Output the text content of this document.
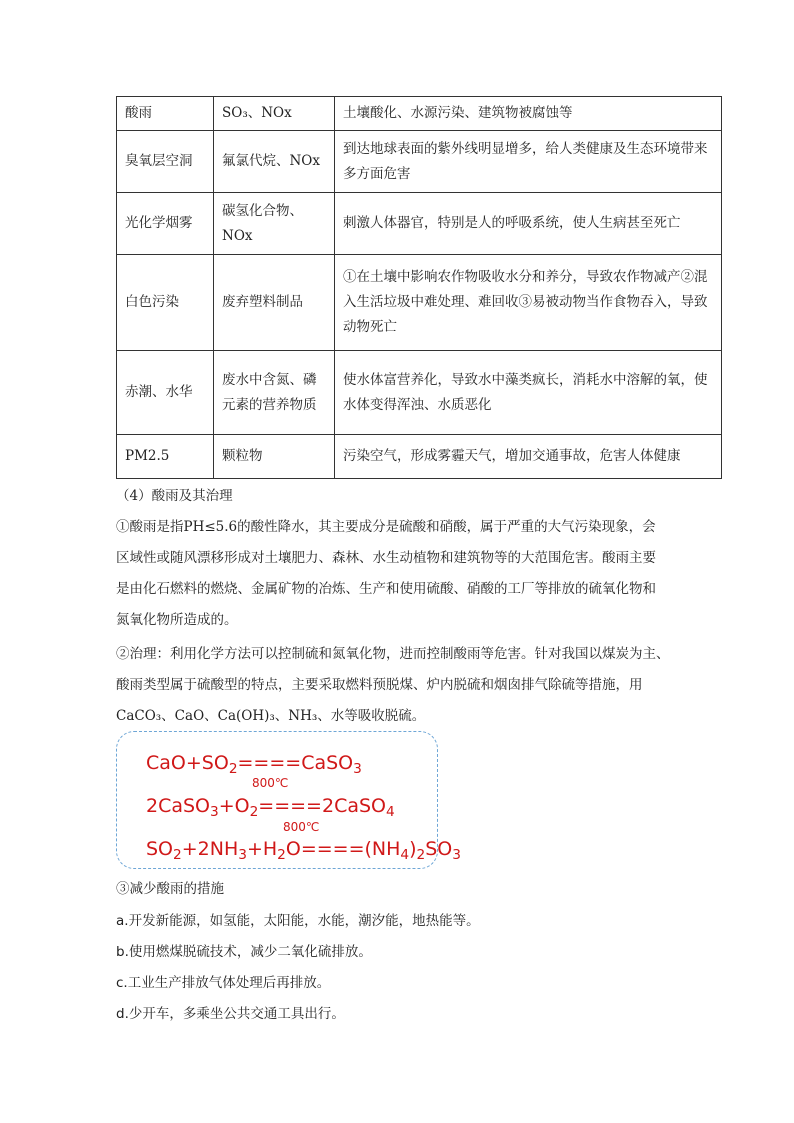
酸雨	SO₃、NOx	土壤酸化、水源污染、建筑物被腐蚀等
臭氧层空洞	氟氯代烷、NOx	到达地球表面的紫外线明显增多，给人类健康及生态环境带来多方面危害
光化学烟雾	碳氢化合物、NOx	刺激人体器官，特别是人的呼吸系统，使人生病甚至死亡
白色污染	废弃塑料制品	①在土壤中影响农作物吸收水分和养分，导致农作物减产②混入生活垃圾中难处理、难回收③易被动物当作食物吞入，导致动物死亡
赤潮、水华	废水中含氮、磷元素的营养物质	使水体富营养化，导致水中藻类疯长，消耗水中溶解的氧，使水体变得浑浊、水质恶化
PM2.5	颗粒物	污染空气，形成雾霾天气，增加交通事故，危害人体健康
（4）酸雨及其治理
①酸雨是指PH≤5.6的酸性降水，其主要成分是硫酸和硝酸，属于严重的大气污染现象，会
区域性或随风漂移形成对土壤肥力、森林、水生动植物和建筑物等的大范围危害。酸雨主要
是由化石燃料的燃烧、金属矿物的冶炼、生产和使用硫酸、硝酸的工厂等排放的硫氧化物和
氮氧化物所造成的。
②治理：利用化学方法可以控制硫和氮氧化物，进而控制酸雨等危害。针对我国以煤炭为主、
酸雨类型属于硫酸型的特点，主要采取燃料预脱煤、炉内脱硫和烟囱排气除硫等措施，用
CaCO₃、CaO、Ca(OH)₃、NH₃、水等吸收脱硫。
$CaO+SO_2====CaSO_3$
800℃
$2CaSO_3+O_2====2CaSO_4$
800℃
$SO_2+2NH_3+H_2O====(NH_4)_2SO_3$
③减少酸雨的措施
a.开发新能源，如氢能，太阳能，水能，潮汐能，地热能等。
b.使用燃煤脱硫技术，减少二氧化硫排放。
c.工业生产排放气体处理后再排放。
d.少开车，多乘坐公共交通工具出行。
